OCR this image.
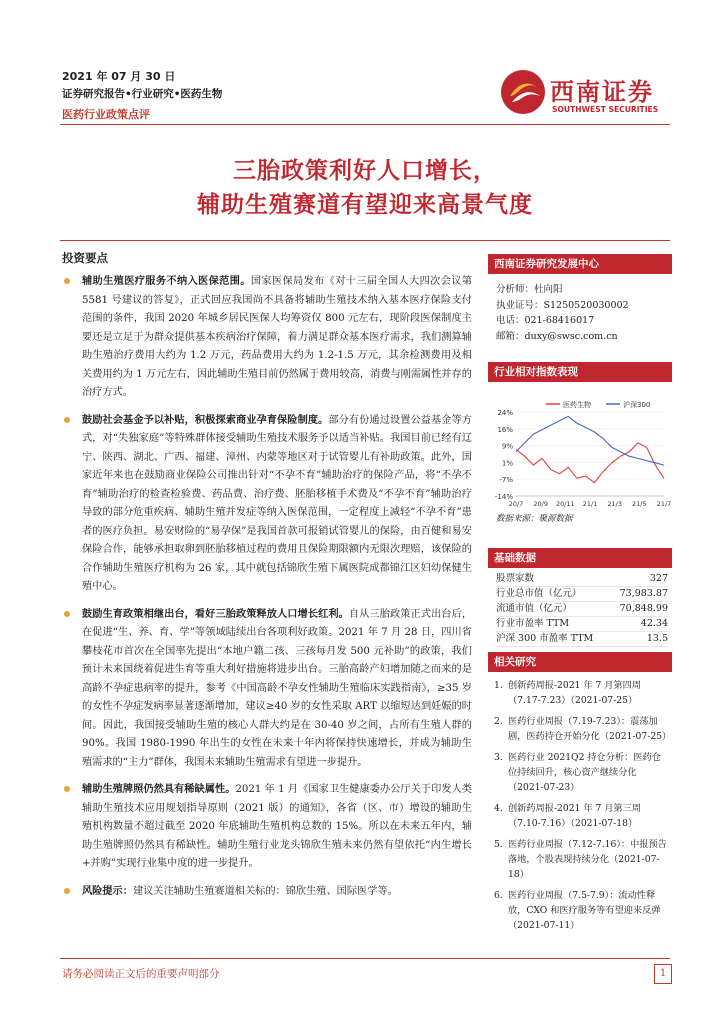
2021 年 07 月 30 日
证券研究报告•行业研究•医药生物
医药行业政策点评
西南证券
SOUTHWEST SECURITIES
三胎政策利好人口增长，
辅助生殖赛道有望迎来高景气度
投资要点
辅助生殖医疗服务不纳入医保范围。国家医保局发布《对十三届全国人大四次会议第 5581 号建议的答复》，正式回应我国尚不具备将辅助生殖技术纳入基本医疗保险支付范围的条件，我国 2020 年城乡居民医保人均筹资仅 800 元左右，现阶段医保制度主要还是立足于为群众提供基本疾病治疗保障，着力满足群众基本医疗需求，我们测算辅助生殖治疗费用大约为 1.2 万元，药品费用大约为 1.2-1.5 万元，其余检测费用及相关费用约为 1 万元左右，因此辅助生殖目前仍然属于费用较高，消费与刚需属性并存的治疗方式。
鼓励社会基金予以补贴，积极探索商业孕育保险制度。部分有份通过设置公益基金等方式，对“失独家庭”等特殊群体接受辅助生殖技术服务予以适当补贴。我国目前已经有辽宁、陕西、湖北、广西、福建、漳州、内蒙等地区对于试管婴儿有补助政策。此外，国家近年来也在鼓励商业保险公司推出针对“不孕不育”辅助治疗的保险产品，将“不孕不育”辅助治疗的检查检验费、药品费、治疗费、胚胎移植手术费及“不孕不育”辅助治疗导致的部分危重疾病、辅助生殖并发症等纳入医保范围，一定程度上减轻“不孕不育”患者的医疗负担。易安财险的“易孕保”是我国首款可报销试管婴儿的保险，由百健和易安保险合作，能够承担取卵到胚胎移植过程的费用且保险期限额内无限次理赔，该保险的合作辅助生殖医疗机构为 26 家，其中就包括锦欣生殖下属医院成都锦江区妇幼保健生殖中心。
鼓励生育政策相继出台，看好三胎政策释放人口增长红利。自从三胎政策正式出台后，在促进“生、养、育、学”等领域陆续出台各项利好政策。2021 年 7 月 28 日，四川省攀枝花市首次在全国率先提出“本地户籍二孩、三孩每月发 500 元补助”的政策，我们预计未来国绕着促进生育等重大利好措施将进步出台。三胎高龄产妇增加随之而来的是高龄不孕症患病率的提升，参考《中国高龄不孕女性辅助生殖临床实践指南》，≥35 岁的女性不孕症发病率显著逐渐增加，建议≥40 岁的女性采取 ART 以缩短达到妊娠的时间。因此，我国接受辅助生殖的核心人群大约是在 30-40 岁之间，占所有生殖人群的 90%。我国 1980-1990 年出生的女性在未来十年内将保持快速增长，并成为辅助生殖需求的“主力”群体，我国未来辅助生殖需求有望进一步提升。
辅助生殖牌照仍然具有稀缺属性。2021 年 1 月《国家卫生健康委办公厅关于印发人类辅助生殖技术应用规划指导原则（2021 版）的通知》，各省（区、市）增设的辅助生殖机构数量不超过截至 2020 年底辅助生殖机构总数的 15%。所以在未来五年内，辅助生殖牌照仍然具有稀缺性。辅助生殖行业龙头锦欣生殖未来仍然有望依托“内生增长+并购”实现行业集中度的进一步提升。
风险提示：建议关注辅助生殖赛道相关标的：锦欣生殖、国际医学等。
西南证券研究发展中心
分析师：杜向阳
执业证号：S1250520030002
电话：021-68416017
邮箱：duxy@swsc.com.cn
行业相对指数表现
24%
16%
9%
1%
-7%
-14%
20/7 20/9 20/11 21/1 21/3 21/5 21/7
医药生物	沪深300
数据来源：聚源数据
基础数据
股票家数	327
行业总市值（亿元）	73,983.87
流通市值（亿元）	70,848.99
行业市盈率 TTM	42.34
沪深 300 市盈率 TTM	13.5
相关研究
1. 创新药周报-2021 年 7 月第四周（7.17-7.23）（2021-07-25）
2. 医药行业周报（7.19-7.23）：震荡加剧，医药持仓开始分化（2021-07-25）
3. 医药行业 2021Q2 持仓分析：医药仓位持续回升，核心资产继续分化（2021-07-23）
4. 创新药周报-2021 年 7 月第三周（7.10-7.16）（2021-07-18）
5. 医药行业周报（7.12-7.16）：中报预告落地，个股表现持续分化（2021-07-18）
6. 医药行业周报（7.5-7.9）：流动性释放，CXO 和医疗服务等有望迎来反弹（2021-07-11）
请务必阅读正文后的重要声明部分	1
